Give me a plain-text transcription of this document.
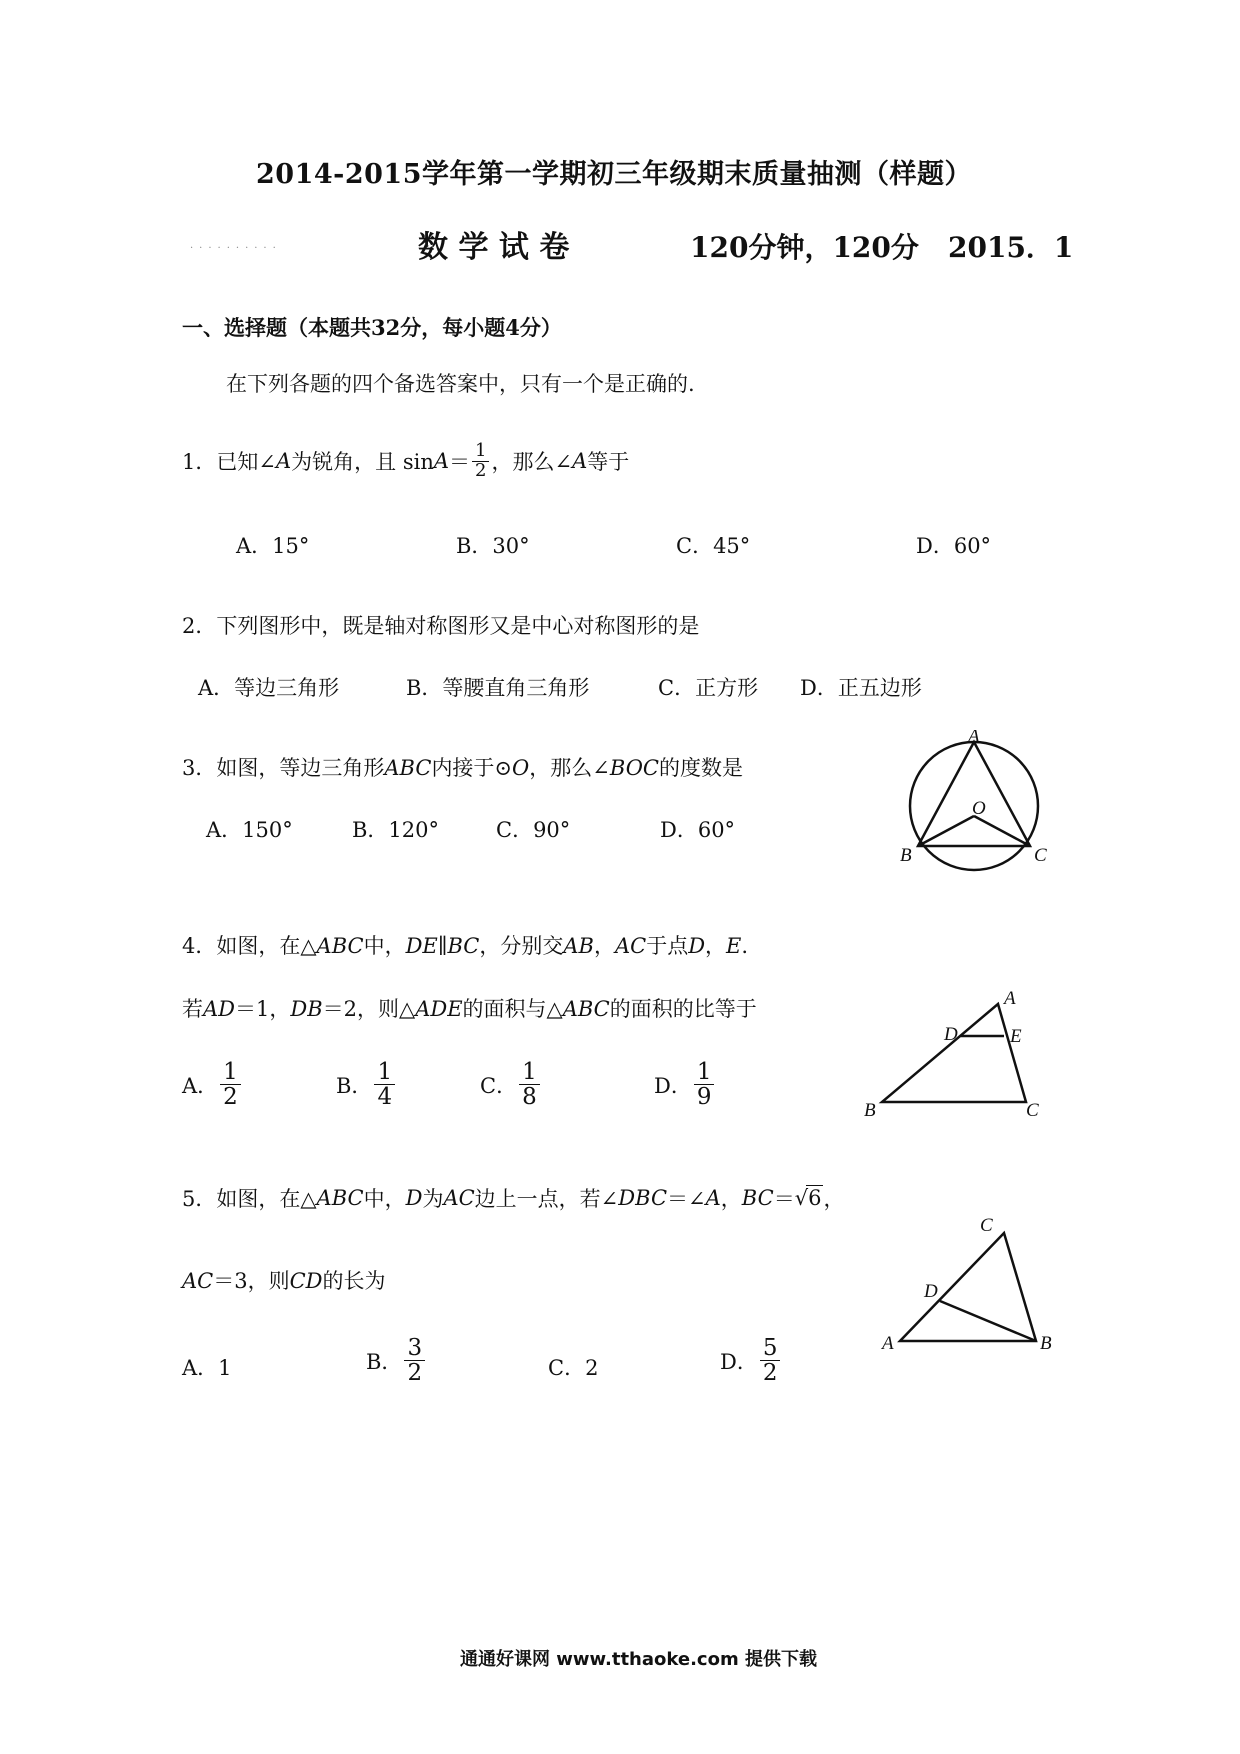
2014-2015学年第一学期初三年级期末质量抽测（样题）
..........	数 学 试 卷	120分钟，120分 2015．1
一、选择题（本题共32分，每小题4分）
在下列各题的四个备选答案中，只有一个是正确的.
1． 已知∠ A 为锐角，且 $\sin A = \frac{1}{2}$ ，那么∠ A 等于
A．15°	B．30°	C．45°	D．60°
2．下列图形中，既是轴对称图形又是中心对称图形的是
A．等边三角形	B．等腰直角三角形	C．正方形 D．正五边形
3．如图，等边三角形ABC内接于⊙O，那么∠BOC的度数是
A．150°	B．120°	C．90°	D．60°
A
O
B	C
4．如图，在△ABC中，DE∥BC，分别交AB，AC于点D，E.
若AD＝1，DB＝2，则△ADE的面积与△ABC的面积的比等于
A． $\frac{1}{2}$	B． $\frac{1}{4}$	C． $\frac{1}{8}$	D． $\frac{1}{9}$
A
D	E
B	C
5． 如图，在△ ABC 中， D 为 AC 边上一点，若∠ DBC ＝∠ A ， BC ＝ √6 ，
AC＝3，则CD的长为
A．1	B． $\frac{3}{2}$	C．2	D． $\frac{5}{2}$
C
D
A	B
通通好课网 www.tthaoke.com 提供下载
